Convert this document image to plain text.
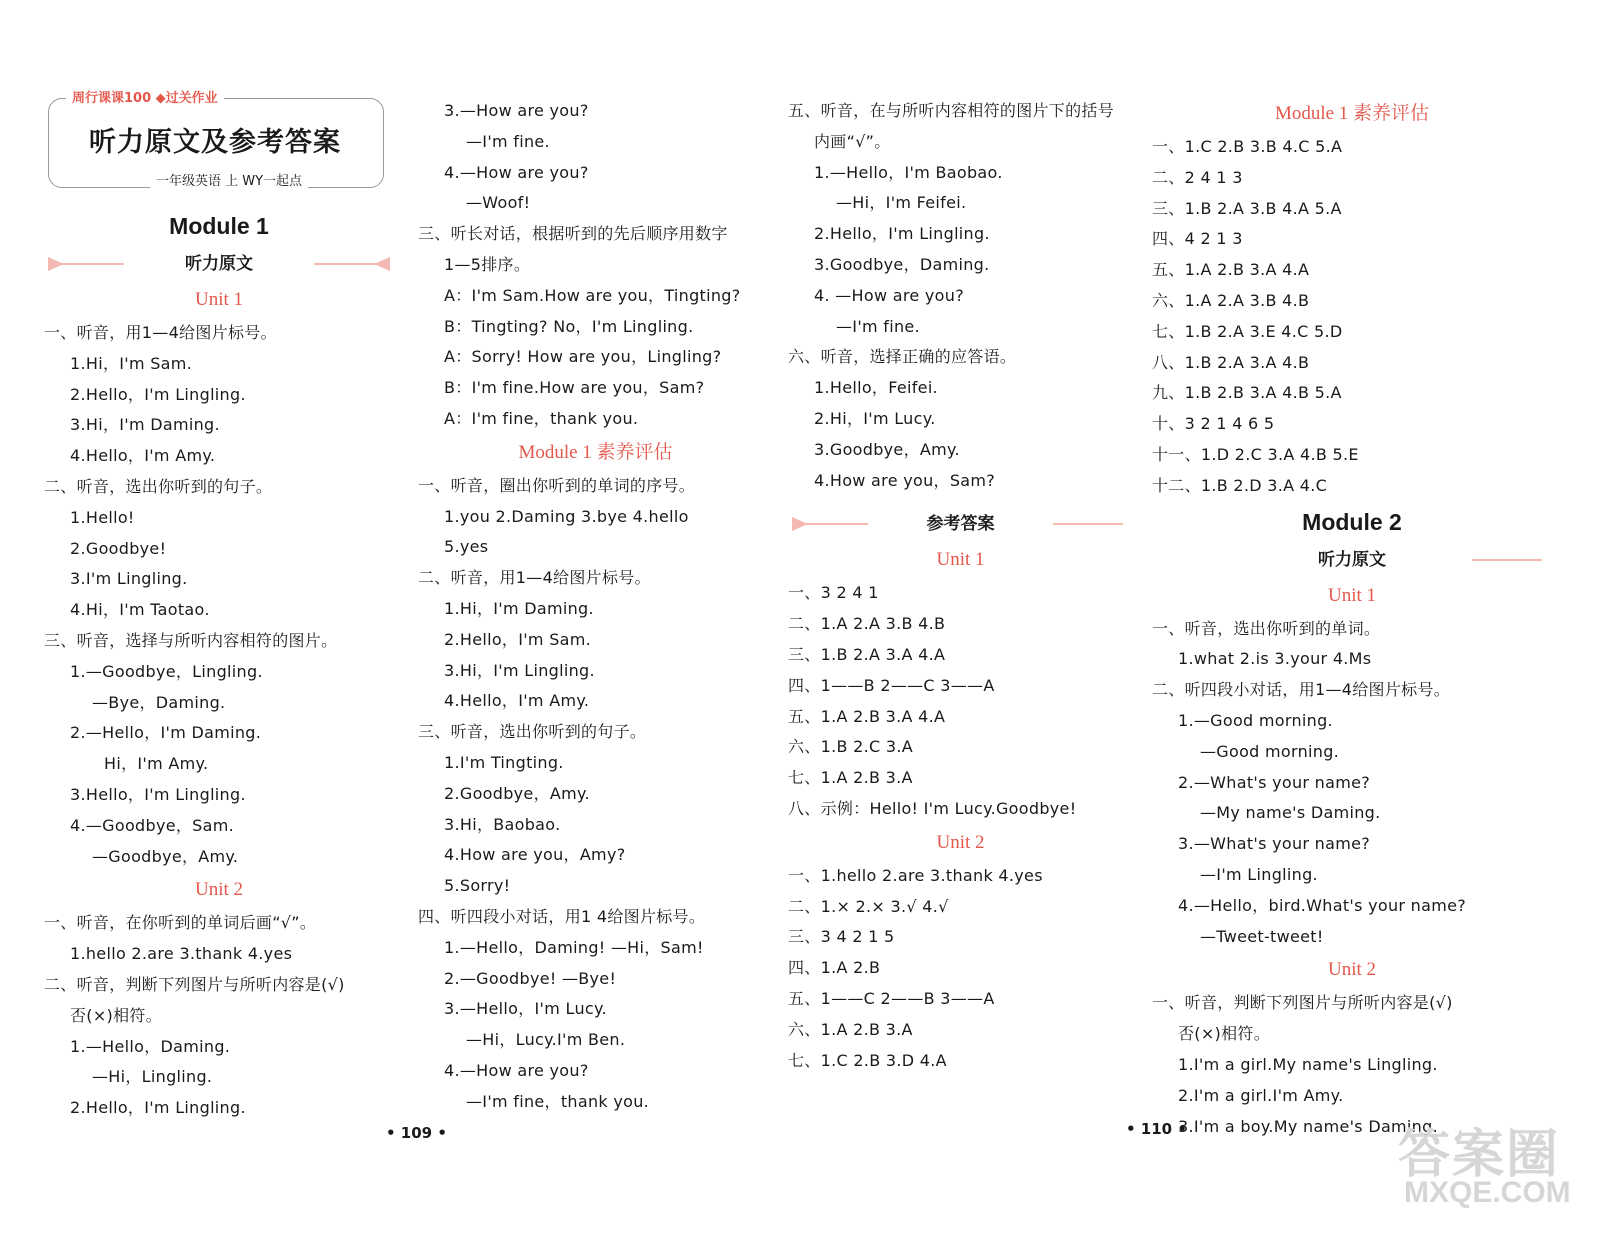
周行课课100 ◆过关作业
听力原文及参考答案
一年级英语 上 WY一起点
Module 1
听力原文
Unit 1
一、听音，用1—4给图片标号。
1.Hi，I'm Sam.
2.Hello，I'm Lingling.
3.Hi，I'm Daming.
4.Hello，I'm Amy.
二、听音，选出你听到的句子。
1.Hello!
2.Goodbye!
3.I'm Lingling.
4.Hi，I'm Taotao.
三、听音，选择与所听内容相符的图片。
1.—Goodbye，Lingling.
—Bye，Daming.
2.—Hello，I'm Daming.
Hi，I'm Amy.
3.Hello，I'm Lingling.
4.—Goodbye，Sam.
—Goodbye，Amy.
Unit 2
一、听音，在你听到的单词后画“√”。
1.hello 2.are 3.thank 4.yes
二、听音，判断下列图片与所听内容是(√)
否(×)相符。
1.—Hello，Daming.
—Hi，Lingling.
2.Hello，I'm Lingling.
3.—How are you?
—I'm fine.
4.—How are you?
—Woof!
三、听长对话，根据听到的先后顺序用数字
1—5排序。
A：I'm Sam.How are you，Tingting?
B：Tingting? No，I'm Lingling.
A：Sorry! How are you，Lingling?
B：I'm fine.How are you，Sam?
A：I'm fine，thank you.
Module 1 素养评估
一、听音，圈出你听到的单词的序号。
1.you 2.Daming 3.bye 4.hello
5.yes
二、听音，用1—4给图片标号。
1.Hi，I'm Daming.
2.Hello，I'm Sam.
3.Hi，I'm Lingling.
4.Hello，I'm Amy.
三、听音，选出你听到的句子。
1.I'm Tingting.
2.Goodbye，Amy.
3.Hi，Baobao.
4.How are you，Amy?
5.Sorry!
四、听四段小对话，用1 4给图片标号。
1.—Hello，Daming! —Hi，Sam!
2.—Goodbye! —Bye!
3.—Hello，I'm Lucy.
—Hi，Lucy.I'm Ben.
4.—How are you?
—I'm fine，thank you.
五、听音，在与所听内容相符的图片下的括号
内画“√”。
1.—Hello，I'm Baobao.
—Hi，I'm Feifei.
2.Hello，I'm Lingling.
3.Goodbye，Daming.
4. —How are you?
—I'm fine.
六、听音，选择正确的应答语。
1.Hello，Feifei.
2.Hi，I'm Lucy.
3.Goodbye，Amy.
4.How are you，Sam?
参考答案
Unit 1
一、3 2 4 1
二、1.A 2.A 3.B 4.B
三、1.B 2.A 3.A 4.A
四、1——B 2——C 3——A
五、1.A 2.B 3.A 4.A
六、1.B 2.C 3.A
七、1.A 2.B 3.A
八、示例：Hello! I'm Lucy.Goodbye!
Unit 2
一、1.hello 2.are 3.thank 4.yes
二、1.× 2.× 3.√ 4.√
三、3 4 2 1 5
四、1.A 2.B
五、1——C 2——B 3——A
六、1.A 2.B 3.A
七、1.C 2.B 3.D 4.A
Module 1 素养评估
一、1.C 2.B 3.B 4.C 5.A
二、2 4 1 3
三、1.B 2.A 3.B 4.A 5.A
四、4 2 1 3
五、1.A 2.B 3.A 4.A
六、1.A 2.A 3.B 4.B
七、1.B 2.A 3.E 4.C 5.D
八、1.B 2.A 3.A 4.B
九、1.B 2.B 3.A 4.B 5.A
十、3 2 1 4 6 5
十一、1.D 2.C 3.A 4.B 5.E
十二、1.B 2.D 3.A 4.C
Module 2
听力原文
Unit 1
一、听音，选出你听到的单词。
1.what 2.is 3.your 4.Ms
二、听四段小对话，用1—4给图片标号。
1.—Good morning.
—Good morning.
2.—What's your name?
—My name's Daming.
3.—What's your name?
—I'm Lingling.
4.—Hello，bird.What's your name?
—Tweet-tweet!
Unit 2
一、听音，判断下列图片与所听内容是(√)
否(×)相符。
1.I'm a girl.My name's Lingling.
2.I'm a girl.I'm Amy.
3.I'm a boy.My name's Daming.
• 109 •	• 110 •	答案圈
MXQE.COM
